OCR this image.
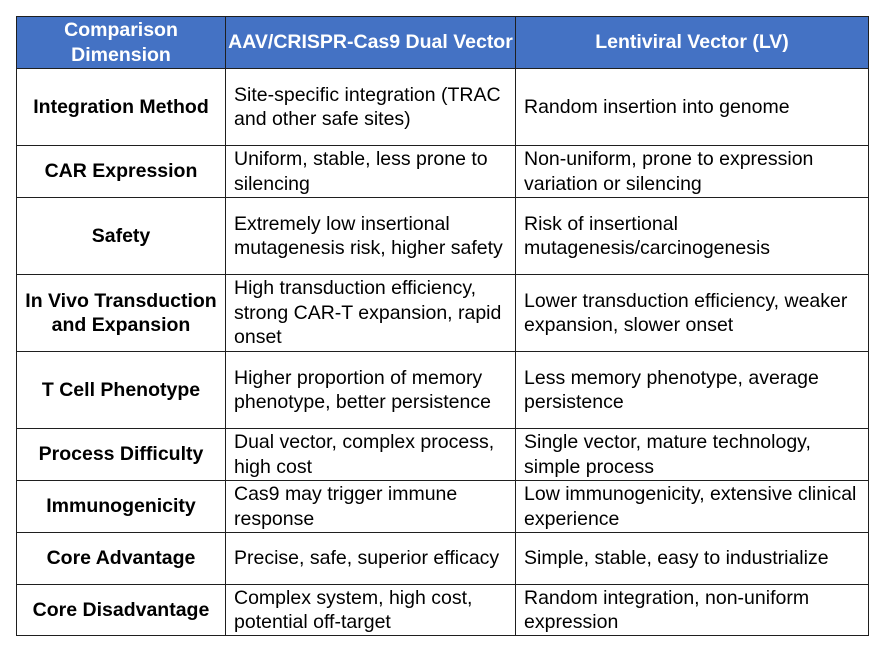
Comparison Dimension	AAV/CRISPR-Cas9 Dual Vector	Lentiviral Vector (LV)
Integration Method	Site-specific integration (TRAC and other safe sites)	Random insertion into genome
CAR Expression	Uniform, stable, less prone to silencing	Non-uniform, prone to expression variation or silencing
Safety	Extremely low insertional mutagenesis risk, higher safety	Risk of insertional mutagenesis/carcinogenesis
In Vivo Transduction and Expansion	High transduction efficiency, strong CAR-T expansion, rapid onset	Lower transduction efficiency, weaker expansion, slower onset
T Cell Phenotype	Higher proportion of memory phenotype, better persistence	Less memory phenotype, average persistence
Process Difficulty	Dual vector, complex process, high cost	Single vector, mature technology, simple process
Immunogenicity	Cas9 may trigger immune response	Low immunogenicity, extensive clinical experience
Core Advantage	Precise, safe, superior efficacy	Simple, stable, easy to industrialize
Core Disadvantage	Complex system, high cost, potential off-target	Random integration, non-uniform expression
